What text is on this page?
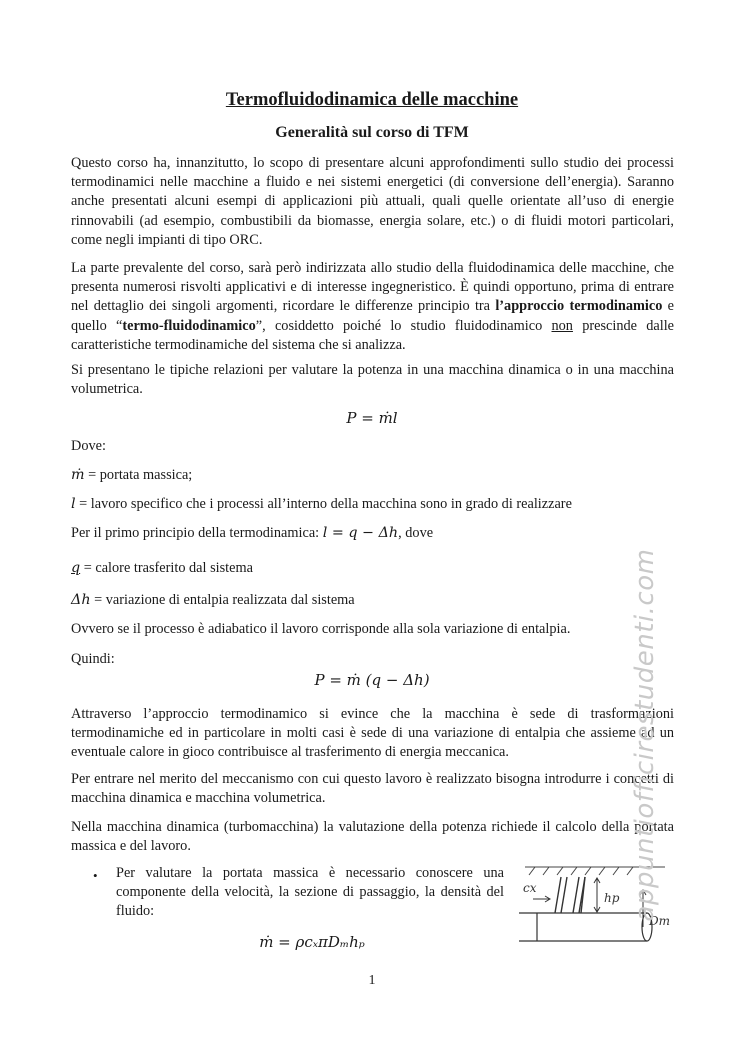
Termofluidodinamica delle macchine
Generalità sul corso di TFM
Questo corso ha, innanzitutto, lo scopo di presentare alcuni approfondimenti sullo studio dei processi termodinamici nelle macchine a fluido e nei sistemi energetici (di conversione dell’energia). Saranno anche presentati alcuni esempi di applicazioni più attuali, quali quelle orientate all’uso di energie rinnovabili (ad esempio, combustibili da biomasse, energia solare, etc.) o di fluidi motori particolari, come negli impianti di tipo ORC.
La parte prevalente del corso, sarà però indirizzata allo studio della fluidodinamica delle macchine, che presenta numerosi risvolti applicativi e di interesse ingegneristico. È quindi opportuno, prima di entrare nel dettaglio dei singoli argomenti, ricordare le differenze principio tra l’approccio termodinamico e quello “termo-fluidodinamico”, cosiddetto poiché lo studio fluidodinamico non prescinde dalle caratteristiche termodinamiche del sistema che si analizza.
Si presentano le tipiche relazioni per valutare la potenza in una macchina dinamica o in una macchina volumetrica.
P = ṁl
Dove:
ṁ = portata massica;
l = lavoro specifico che i processi all’interno della macchina sono in grado di realizzare
Per il primo principio della termodinamica: l = q − Δh, dove
q = calore trasferito dal sistema
Δh = variazione di entalpia realizzata dal sistema
Ovvero se il processo è adiabatico il lavoro corrisponde alla sola variazione di entalpia.
Quindi:
P = ṁ (q − Δh)
Attraverso l’approccio termodinamico si evince che la macchina è sede di trasformazioni termodinamiche ed in particolare in molti casi è sede di una variazione di entalpia che assieme ad un eventuale calore in gioco contribuisce al trasferimento di energia meccanica.
Per entrare nel merito del meccanismo con cui questo lavoro è realizzato bisogna introdurre i concetti di macchina dinamica e macchina volumetrica.
Nella macchina dinamica (turbomacchina) la valutazione della potenza richiede il calcolo della portata massica e del lavoro.
• Per valutare la portata massica è necessario conoscere una componente della velocità, la sezione di passaggio, la densità del fluido:
ṁ = ρcₓπDₘhₚ
cx
hp
Dm
appuntiofficirestudenti.com
1
